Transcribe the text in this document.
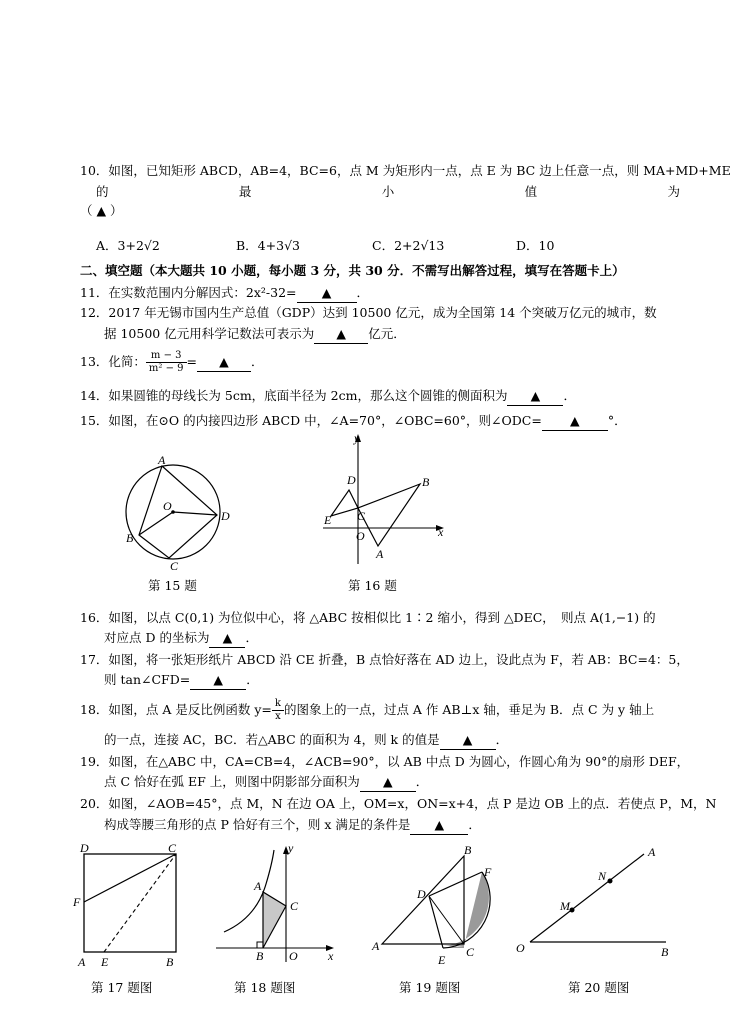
10．如图，已知矩形 ABCD，AB=4，BC=6，点 M 为矩形内一点，点 E 为 BC 边上任意一点，则 MA+MD+ME
的	最	小	值	为
（ ▲ ）
A．3+2√2	B．4+3√3	C．2+2√13	D．10
二、填空题（本大题共 10 小题，每小题 3 分，共 30 分．不需写出解答过程，填写在答题卡上）
11．在实数范围内分解因式：2x²-32= ▲ ．
12．2017 年无锡市国内生产总值（GDP）达到 10500 亿元，成为全国第 14 个突破万亿元的城市，数
据 10500 亿元用科学记数法可表示为 ▲ 亿元．
13．化简： $\frac{m - 3}{\text{m² − 9}}$ = ▲ ．
14．如果圆锥的母线长为 5cm，底面半径为 2cm，那么这个圆锥的侧面积为 ▲ ．
15．如图，在⊙O 的内接四边形 ABCD 中，∠A=70°，∠OBC=60°，则∠ODC= ▲ °．
A
O
D
B
C
第 15 题
y
x
B
D
C
E
O
A
第 16 题
16．如图，以点 C(0,1) 为位似中心，将 △ABC 按相似比 1∶2 缩小，得到 △DEC，　则点 A(1,−1) 的
对应点 D 的坐标为 ▲ ．
17．如图，将一张矩形纸片 ABCD 沿 CE 折叠，B 点恰好落在 AD 边上，设此点为 F，若 AB：BC=4：5，
则 tan∠CFD= ▲ ．
18．如图，点 A 是反比例函数 $y= \frac{k}{x}$ 的图象上的一点，过点 A 作 AB⊥x 轴，垂足为 B．点 C 为 y 轴上
的一点，连接 AC，BC．若△ABC 的面积为 4，则 k 的值是 ▲ ．
19．如图，在△ABC 中，CA=CB=4，∠ACB=90°，以 AB 中点 D 为圆心，作圆心角为 90°的扇形 DEF，
点 C 恰好在弧 EF 上，则图中阴影部分面积为 ▲ ．
20．如图，∠AOB=45°，点 M，N 在边 OA 上，OM=x，ON=x+4，点 P 是边 OB 上的点．若使点 P，M，N
构成等腰三角形的点 P 恰好有三个，则 x 满足的条件是 ▲ ．
D	C
F
A E	B
第 17 题图
y
x
A
C
B O
第 18 题图
B
F
D
A	C
E
第 19 题图
A
N
M
O	B
第 20 题图
